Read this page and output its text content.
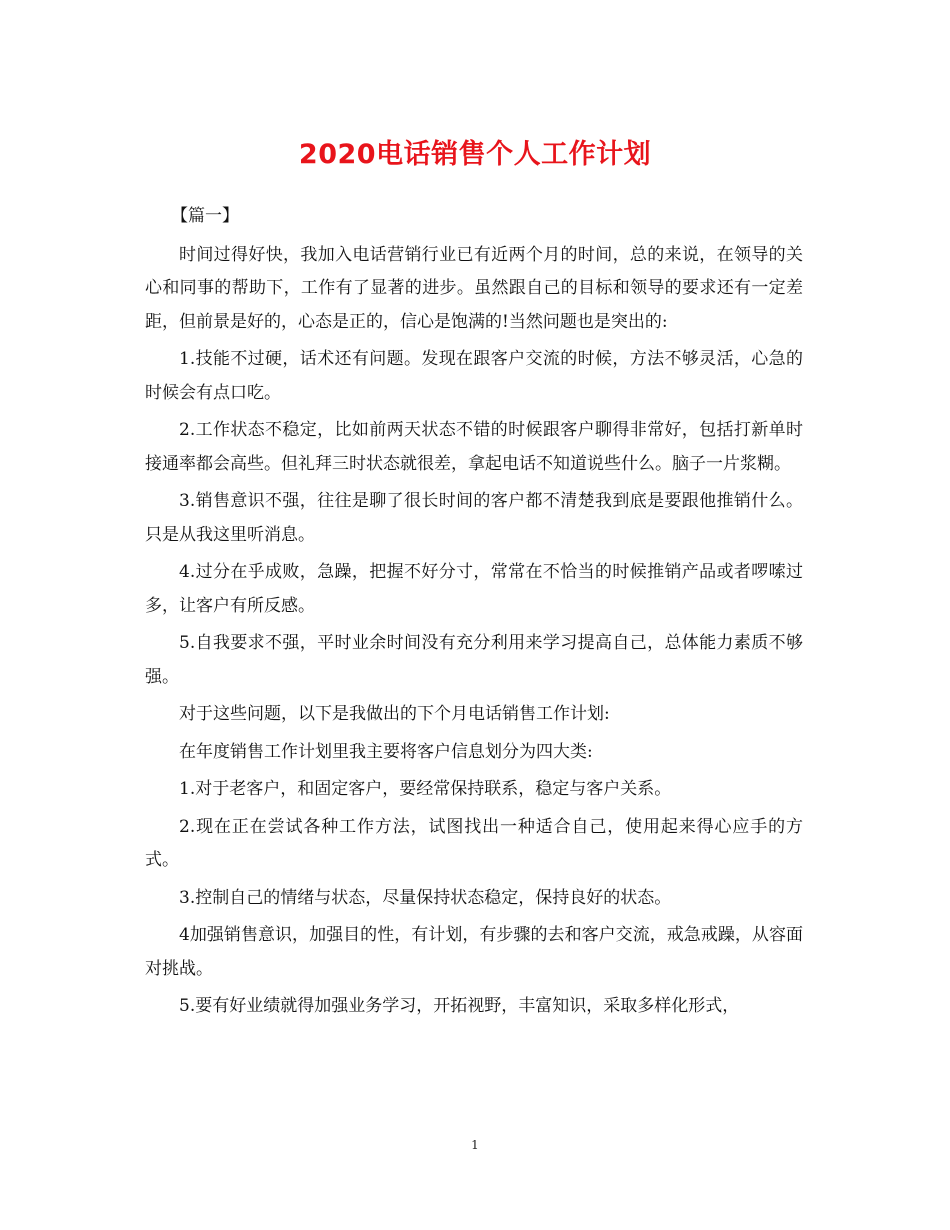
2020电话销售个人工作计划

【篇一】

时间过得好快，我加入电话营销行业已有近两个月的时间，总的来说，在领导的关心和同事的帮助下，工作有了显著的进步。虽然跟自己的目标和领导的要求还有一定差距，但前景是好的，心态是正的，信心是饱满的!当然问题也是突出的:

1.技能不过硬，话术还有问题。发现在跟客户交流的时候，方法不够灵活，心急的时候会有点口吃。

2.工作状态不稳定，比如前两天状态不错的时候跟客户聊得非常好，包括打新单时接通率都会高些。但礼拜三时状态就很差，拿起电话不知道说些什么。脑子一片浆糊。

3.销售意识不强，往往是聊了很长时间的客户都不清楚我到底是要跟他推销什么。只是从我这里听消息。

4.过分在乎成败，急躁，把握不好分寸，常常在不恰当的时候推销产品或者啰嗦过多，让客户有所反感。

5.自我要求不强，平时业余时间没有充分利用来学习提高自己，总体能力素质不够强。

对于这些问题，以下是我做出的下个月电话销售工作计划:

在年度销售工作计划里我主要将客户信息划分为四大类:

1.对于老客户，和固定客户，要经常保持联系，稳定与客户关系。

2.现在正在尝试各种工作方法，试图找出一种适合自己，使用起来得心应手的方式。

3.控制自己的情绪与状态，尽量保持状态稳定，保持良好的状态。

4加强销售意识，加强目的性，有计划，有步骤的去和客户交流，戒急戒躁，从容面对挑战。

5.要有好业绩就得加强业务学习，开拓视野，丰富知识，采取多样化形式，

1
